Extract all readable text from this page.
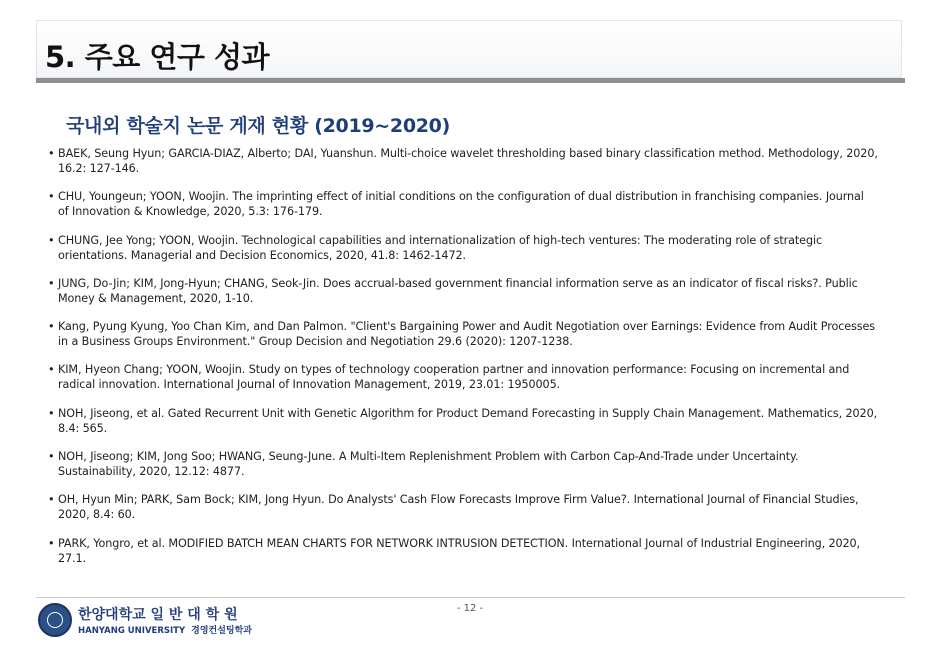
5. 주요 연구 성과
국내외 학술지 논문 게재 현황 (2019~2020)
• BAEK, Seung Hyun; GARCIA-DIAZ, Alberto; DAI, Yuanshun. Multi-choice wavelet thresholding based binary classification method. Methodology, 2020,
16.2: 127-146.
• CHU, Youngeun; YOON, Woojin. The imprinting effect of initial conditions on the configuration of dual distribution in franchising companies. Journal
of Innovation & Knowledge, 2020, 5.3: 176-179.
• CHUNG, Jee Yong; YOON, Woojin. Technological capabilities and internationalization of high-tech ventures: The moderating role of strategic
orientations. Managerial and Decision Economics, 2020, 41.8: 1462-1472.
• JUNG, Do-Jin; KIM, Jong-Hyun; CHANG, Seok-Jin. Does accrual-based government financial information serve as an indicator of fiscal risks?. Public
Money & Management, 2020, 1-10.
• Kang, Pyung Kyung, Yoo Chan Kim, and Dan Palmon. "Client's Bargaining Power and Audit Negotiation over Earnings: Evidence from Audit Processes
in a Business Groups Environment." Group Decision and Negotiation 29.6 (2020): 1207-1238.
• KIM, Hyeon Chang; YOON, Woojin. Study on types of technology cooperation partner and innovation performance: Focusing on incremental and
radical innovation. International Journal of Innovation Management, 2019, 23.01: 1950005.
• NOH, Jiseong, et al. Gated Recurrent Unit with Genetic Algorithm for Product Demand Forecasting in Supply Chain Management. Mathematics, 2020,
8.4: 565.
• NOH, Jiseong; KIM, Jong Soo; HWANG, Seung-June. A Multi-Item Replenishment Problem with Carbon Cap-And-Trade under Uncertainty.
Sustainability, 2020, 12.12: 4877.
• OH, Hyun Min; PARK, Sam Bock; KIM, Jong Hyun. Do Analysts' Cash Flow Forecasts Improve Firm Value?. International Journal of Financial Studies,
2020, 8.4: 60.
• PARK, Yongro, et al. MODIFIED BATCH MEAN CHARTS FOR NETWORK INTRUSION DETECTION. International Journal of Industrial Engineering, 2020,
27.1.
- 12 -
한양대학교 일 반 대 학 원
HANYANG UNIVERSITY 경영컨설팅학과
